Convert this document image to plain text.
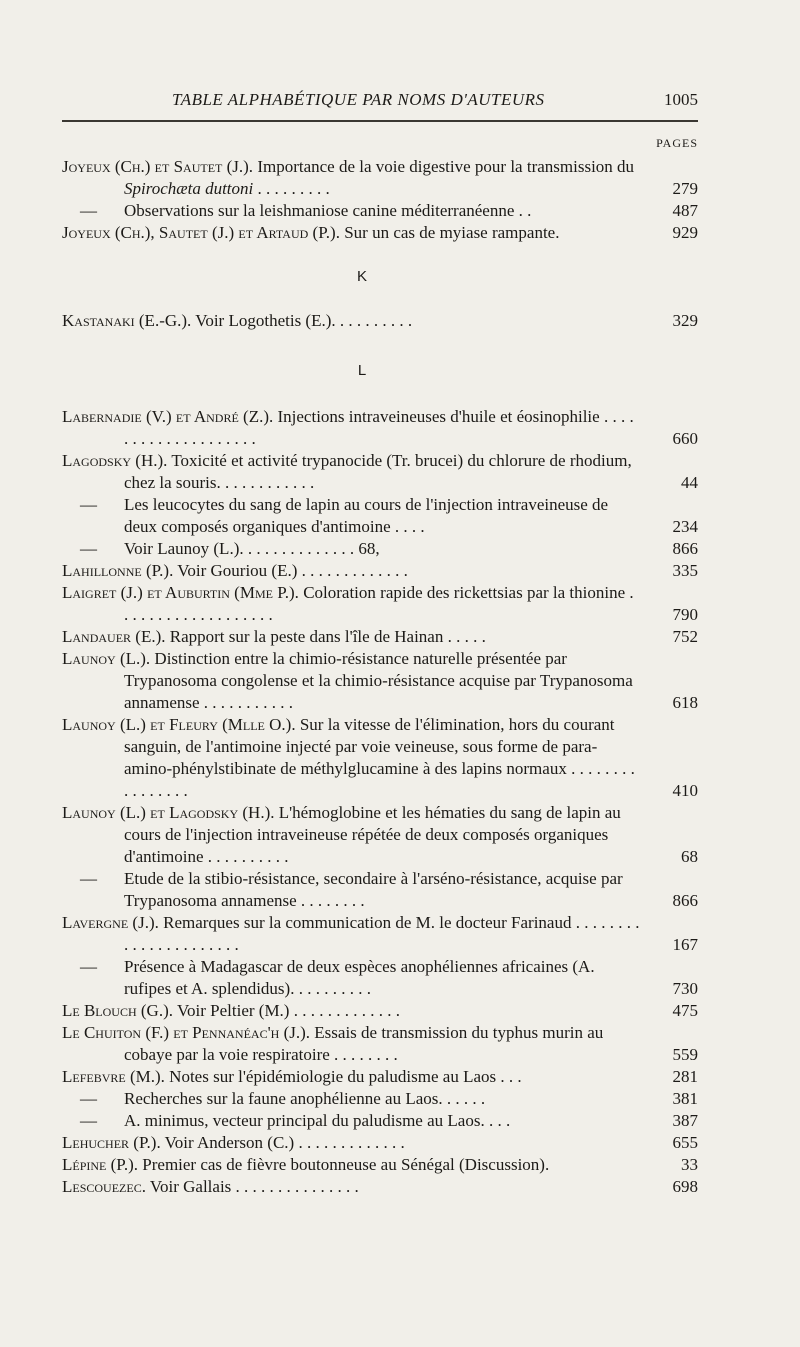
TABLE ALPHABÉTIQUE PAR NOMS D'AUTEURS	1005
PAGES
Joyeux (Ch.) et Sautet (J.). Importance de la voie digestive pour la transmission du Spirochæta duttoni . . . . . . . . .	279
— Observations sur la leishmaniose canine méditerranéenne . .	487
Joyeux (Ch.), Sautet (J.) et Artaud (P.). Sur un cas de myiase rampante.	929
K
Kastanaki (E.-G.). Voir Logothetis (E.). . . . . . . . . .	329
L
Labernadie (V.) et André (Z.). Injections intraveineuses d'huile et éosinophilie . . . . . . . . . . . . . . . . . . . .	660
Lagodsky (H.). Toxicité et activité trypanocide (Tr. brucei) du chlorure de rhodium, chez la souris. . . . . . . . . . . .	44
— Les leucocytes du sang de lapin au cours de l'injection intraveineuse de deux composés organiques d'antimoine . . . .	234
— Voir Launoy (L.). . . . . . . . . . . . . . 68,	866
Lahillonne (P.). Voir Gouriou (E.) . . . . . . . . . . . . .	335
Laigret (J.) et Auburtin (Mme P.). Coloration rapide des rickettsias par la thionine . . . . . . . . . . . . . . . . . . .	790
Landauer (E.). Rapport sur la peste dans l'île de Hainan . . . . .	752
Launoy (L.). Distinction entre la chimio-résistance naturelle présentée par Trypanosoma congolense et la chimio-résistance acquise par Trypanosoma annamense . . . . . . . . . . .	618
Launoy (L.) et Fleury (Mlle O.). Sur la vitesse de l'élimination, hors du courant sanguin, de l'antimoine injecté par voie veineuse, sous forme de para-amino-phénylstibinate de méthylglucamine à des lapins normaux . . . . . . . . . . . . . . . .	410
Launoy (L.) et Lagodsky (H.). L'hémoglobine et les hématies du sang de lapin au cours de l'injection intraveineuse répétée de deux composés organiques d'antimoine . . . . . . . . . .	68
— Etude de la stibio-résistance, secondaire à l'arséno-résistance, acquise par Trypanosoma annamense . . . . . . . .	866
Lavergne (J.). Remarques sur la communication de M. le docteur Farinaud . . . . . . . . . . . . . . . . . . . . . .	167
— Présence à Madagascar de deux espèces anophéliennes africaines (A. rufipes et A. splendidus). . . . . . . . . .	730
Le Blouch (G.). Voir Peltier (M.) . . . . . . . . . . . . .	475
Le Chuiton (F.) et Pennanéac'h (J.). Essais de transmission du typhus murin au cobaye par la voie respiratoire . . . . . . . .	559
Lefebvre (M.). Notes sur l'épidémiologie du paludisme au Laos . . .	281
— Recherches sur la faune anophélienne au Laos. . . . . .	381
— A. minimus, vecteur principal du paludisme au Laos. . . .	387
Lehucher (P.). Voir Anderson (C.) . . . . . . . . . . . . .	655
Lépine (P.). Premier cas de fièvre boutonneuse au Sénégal (Discussion).	33
Lescouezec. Voir Gallais . . . . . . . . . . . . . . .	698
